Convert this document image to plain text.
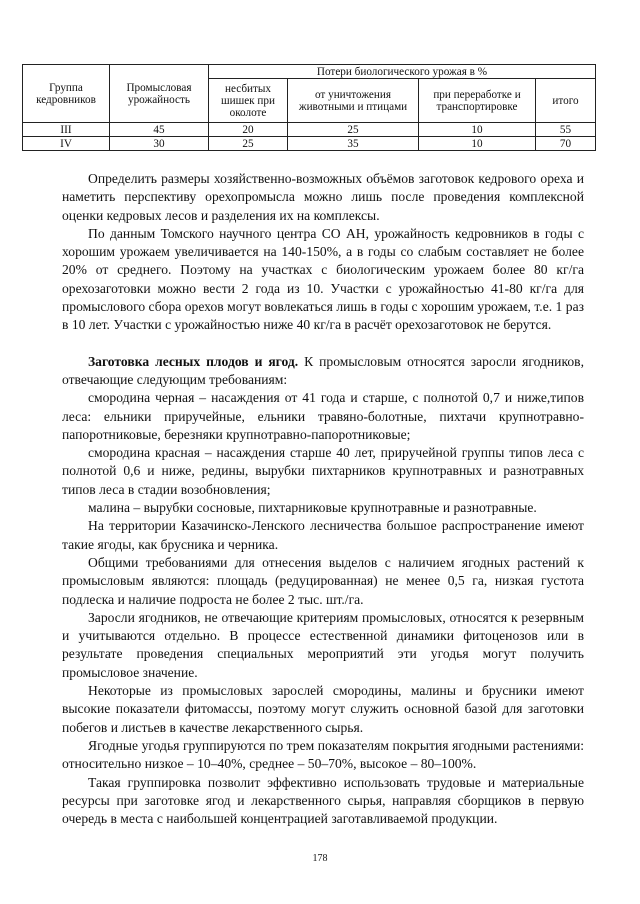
Группа кедровников	Промысловая урожайность	Потери биологического урожая в %			
		несбитых шишек при околоте	от уничтожения животными и птицами	при переработке и транспортировке	итого
III	45	20	25	10	55
IV	30	25	35	10	70

Определить размеры хозяйственно-возможных объёмов заготовок кедрового ореха и наметить перспективу орехопромысла можно лишь после проведения комплексной оценки кедровых лесов и разделения их на комплексы.

По данным Томского научного центра СО АН, урожайность кедровников в годы с хорошим урожаем увеличивается на 140-150%, а в годы со слабым составляет не более 20% от среднего. Поэтому на участках с биологическим урожаем более 80 кг/га орехозаготовки можно вести 2 года из 10. Участки с урожайностью 41-80 кг/га для промыслового сбора орехов могут вовлекаться лишь в годы с хорошим урожаем, т.е. 1 раз в 10 лет. Участки с урожайностью ниже 40 кг/га в расчёт орехозаготовок не берутся.

Заготовка лесных плодов и ягод. К промысловым относятся заросли ягодников, отвечающие следующим требованиям:

смородина черная – насаждения от 41 года и старше, с полнотой 0,7 и ниже,типов леса: ельники приручейные, ельники травяно-болотные, пихтачи крупнотравно-папоротниковые, березняки крупнотравно-папоротниковые;

смородина красная – насаждения старше 40 лет, приручейной группы типов леса с полнотой 0,6 и ниже, редины, вырубки пихтарников крупнотравных и разнотравных типов леса в стадии возобновления;

малина – вырубки сосновые, пихтарниковые крупнотравные и разнотравные.

На территории Казачинско-Ленского лесничества большое распространение имеют такие ягоды, как брусника и черника.

Общими требованиями для отнесения выделов с наличием ягодных растений к промысловым являются: площадь (редуцированная) не менее 0,5 га, низкая густота подлеска и наличие подроста не более 2 тыс. шт./га.

Заросли ягодников, не отвечающие критериям промысловых, относятся к резервным и учитываются отдельно. В процессе естественной динамики фитоценозов или в результате проведения специальных мероприятий эти угодья могут получить промысловое значение.

Некоторые из промысловых зарослей смородины, малины и брусники имеют высокие показатели фитомассы, поэтому могут служить основной базой для заготовки побегов и листьев в качестве лекарственного сырья.

Ягодные угодья группируются по трем показателям покрытия ягодными растениями: относительно низкое – 10–40%, среднее – 50–70%, высокое – 80–100%.

Такая группировка позволит эффективно использовать трудовые и материальные ресурсы при заготовке ягод и лекарственного сырья, направляя сборщиков в первую очередь в места с наибольшей концентрацией заготавливаемой продукции.

178
